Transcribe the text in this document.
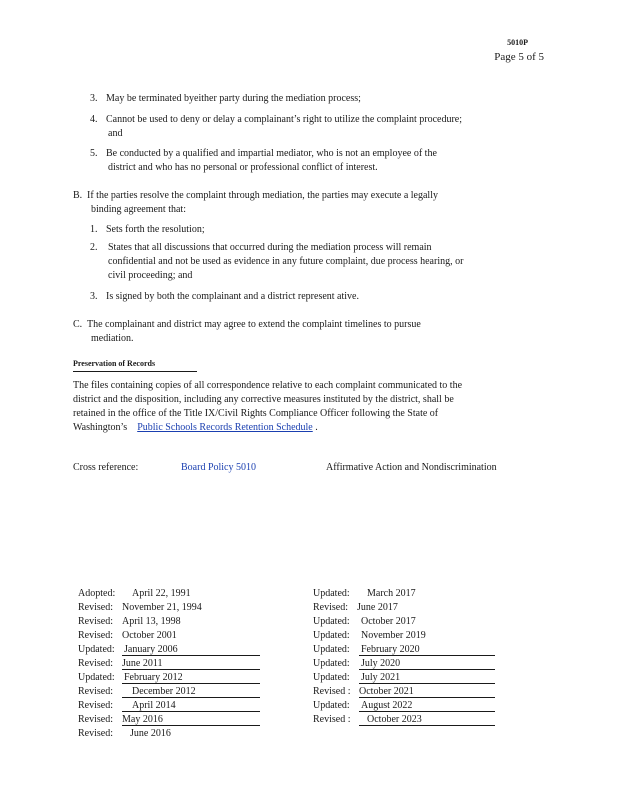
5010P
Page 5 of 5
3. May be terminated byeither party during the mediation process;
4. Cannot be used to deny or delay a complainant’s right to utilize the complaint procedure;
and
5. Be conducted by a qualified and impartial mediator, who is not an employee of the
district and who has no personal or professional conflict of interest.
B. If the parties resolve the complaint through mediation, the parties may execute a legally
binding agreement that:
1. Sets forth the resolution;
2. States that all discussions that occurred during the mediation process will remain
confidential and not be used as evidence in any future complaint, due process hearing, or
civil proceeding; and
3. Is signed by both the complainant and a district represent ative.
C. The complainant and district may agree to extend the complaint timelines to pursue
mediation.
Preservation of Records
The files containing copies of all correspondence relative to each complaint communicated to the
district and the disposition, including any corrective measures instituted by the district, shall be
retained in the office of the Title IX/Civil Rights Compliance Officer following the State of
Washington’s Public Schools Records Retention Schedule .
Cross reference:	Board Policy 5010	Affirmative Action and Nondiscrimination
Adopted: April 22, 1991
Revised: November 21, 1994
Revised: April 13, 1998
Revised: October 2001
Updated: January 2006
Revised: June 2011
Updated: February 2012
Revised: December 2012
Revised: April 2014
Revised: May 2016
Revised: June 2016
Updated: March 2017
Revised: June 2017
Updated: October 2017
Updated: November 2019
Updated: February 2020
Updated: July 2020
Updated: July 2021
Revised : October 2021
Updated: August 2022
Revised : October 2023
